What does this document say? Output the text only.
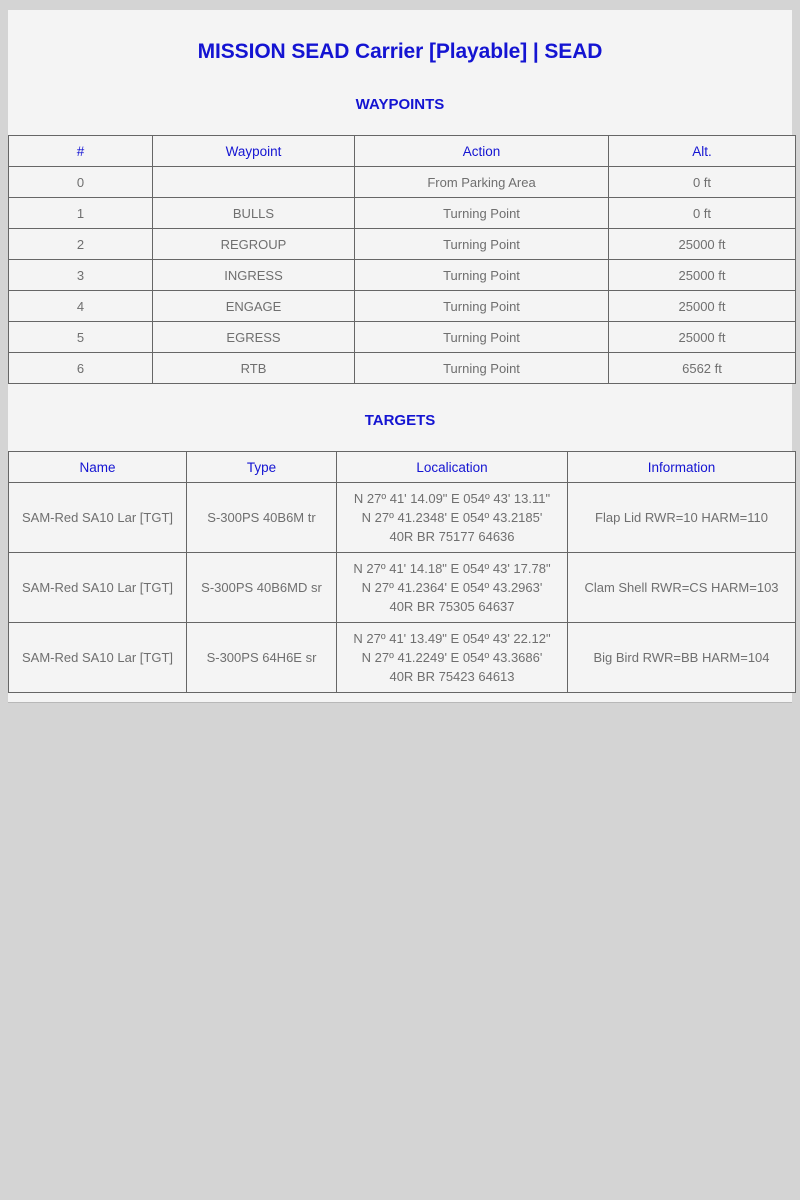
MISSION SEAD Carrier [Playable] | SEAD
WAYPOINTS
#	Waypoint	Action	Alt.
0		From Parking Area	0 ft
1	BULLS	Turning Point	0 ft
2	REGROUP	Turning Point	25000 ft
3	INGRESS	Turning Point	25000 ft
4	ENGAGE	Turning Point	25000 ft
5	EGRESS	Turning Point	25000 ft
6	RTB	Turning Point	6562 ft
TARGETS
Name	Type	Localication	Information
SAM-Red SA10 Lar [TGT]	S-300PS 40B6M tr	N 27º 41' 14.09" E 054º 43' 13.11"
N 27º 41.2348' E 054º 43.2185'
40R BR 75177 64636	Flap Lid RWR=10 HARM=110
SAM-Red SA10 Lar [TGT]	S-300PS 40B6MD sr	N 27º 41' 14.18" E 054º 43' 17.78"
N 27º 41.2364' E 054º 43.2963'
40R BR 75305 64637	Clam Shell RWR=CS HARM=103
SAM-Red SA10 Lar [TGT]	S-300PS 64H6E sr	N 27º 41' 13.49" E 054º 43' 22.12"
N 27º 41.2249' E 054º 43.3686'
40R BR 75423 64613	Big Bird RWR=BB HARM=104
